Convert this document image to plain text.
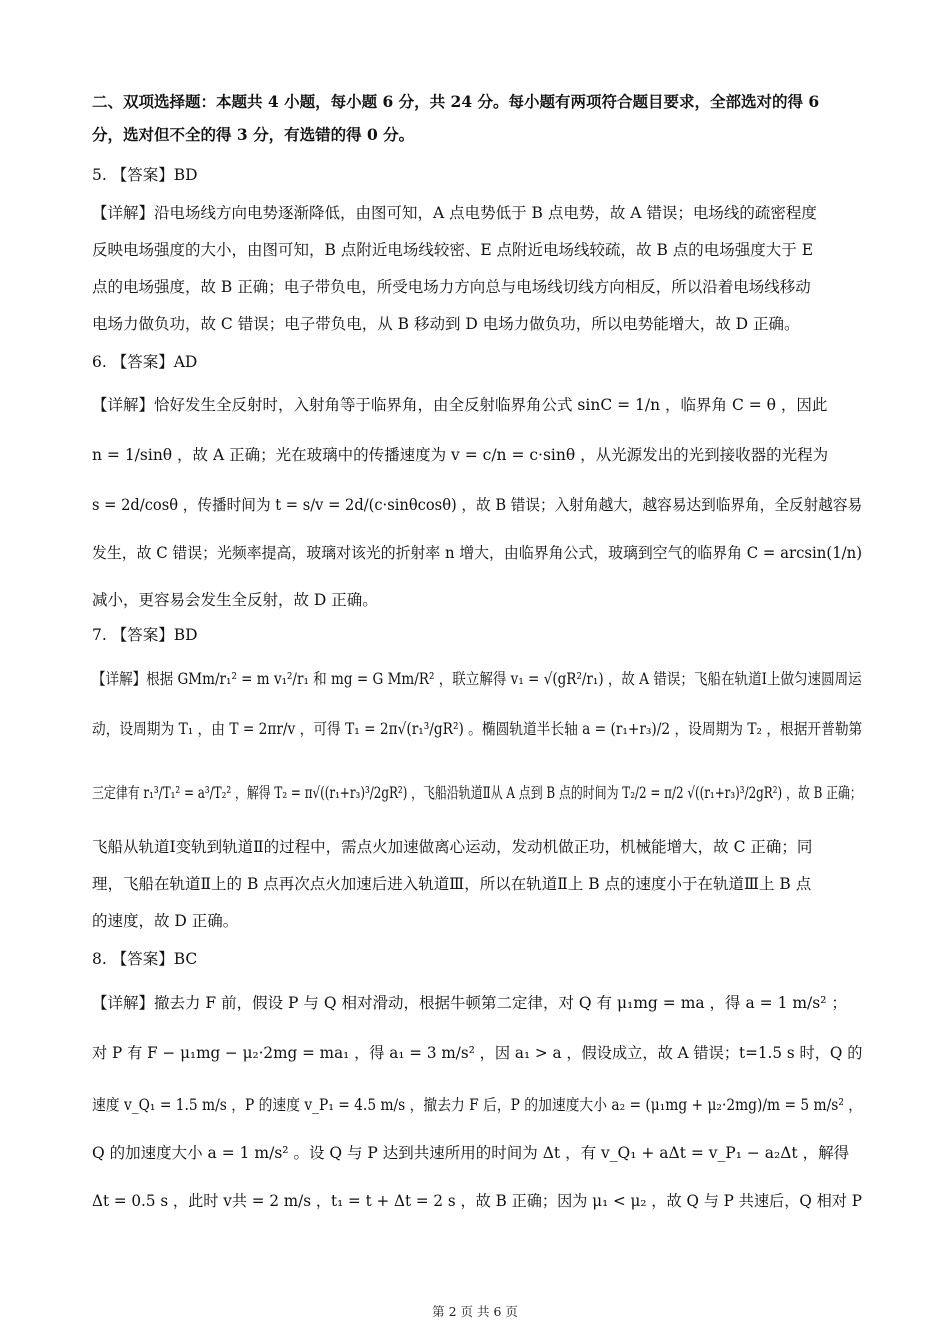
二、双项选择题：本题共 4 小题，每小题 6 分，共 24 分。每小题有两项符合题目要求，全部选对的得 6
分，选对但不全的得 3 分，有选错的得 0 分。
5. 【答案】BD
【详解】沿电场线方向电势逐渐降低，由图可知，A 点电势低于 B 点电势，故 A 错误；电场线的疏密程度
反映电场强度的大小，由图可知，B 点附近电场线较密、E 点附近电场线较疏，故 B 点的电场强度大于 E
点的电场强度，故 B 正确；电子带负电，所受电场力方向总与电场线切线方向相反，所以沿着电场线移动
电场力做负功，故 C 错误；电子带负电，从 B 移动到 D 电场力做负功，所以电势能增大，故 D 正确。
6. 【答案】AD
【详解】恰好发生全反射时，入射角等于临界角，由全反射临界角公式 sinC = 1/n ，临界角 C = θ ，因此
n = 1/sinθ ，故 A 正确；光在玻璃中的传播速度为 v = c/n = c·sinθ ，从光源发出的光到接收器的光程为
s = 2d/cosθ ，传播时间为 t = s/v = 2d/(c·sinθcosθ) ，故 B 错误；入射角越大，越容易达到临界角，全反射越容易
发生，故 C 错误；光频率提高，玻璃对该光的折射率 n 增大，由临界角公式，玻璃到空气的临界角 C = arcsin(1/n)
减小，更容易会发生全反射，故 D 正确。
7. 【答案】BD
【详解】根据 GMm/r₁² = m v₁²/r₁ 和 mg = G Mm/R² ，联立解得 v₁ = √(gR²/r₁) ，故 A 错误；飞船在轨道Ⅰ上做匀速圆周运
动，设周期为 T₁ ，由 T = 2πr/v ，可得 T₁ = 2π√(r₁³/gR²) 。椭圆轨道半长轴 a = (r₁+r₃)/2 ，设周期为 T₂ ，根据开普勒第
三定律有 r₁³/T₁² = a³/T₂² ，解得 T₂ = π√((r₁+r₃)³/2gR²) ，飞船沿轨道Ⅱ从 A 点到 B 点的时间为 T₂/2 = π/2 √((r₁+r₃)³/2gR²) ，故 B 正确；
飞船从轨道Ⅰ变轨到轨道Ⅱ的过程中，需点火加速做离心运动，发动机做正功，机械能增大，故 C 正确；同
理，飞船在轨道Ⅱ上的 B 点再次点火加速后进入轨道Ⅲ，所以在轨道Ⅱ上 B 点的速度小于在轨道Ⅲ上 B 点
的速度，故 D 正确。
8. 【答案】BC
【详解】撤去力 F 前，假设 P 与 Q 相对滑动，根据牛顿第二定律，对 Q 有 μ₁mg = ma ，得 a = 1 m/s² ；
对 P 有 F − μ₁mg − μ₂·2mg = ma₁ ，得 a₁ = 3 m/s² ，因 a₁ > a ，假设成立，故 A 错误；t=1.5 s 时，Q 的
速度 v_Q₁ = 1.5 m/s ，P 的速度 v_P₁ = 4.5 m/s ，撤去力 F 后，P 的加速度大小 a₂ = (μ₁mg + μ₂·2mg)/m = 5 m/s² ，
Q 的加速度大小 a = 1 m/s² 。设 Q 与 P 达到共速所用的时间为 Δt ，有 v_Q₁ + aΔt = v_P₁ − a₂Δt ，解得
Δt = 0.5 s ，此时 v共 = 2 m/s ，t₁ = t + Δt = 2 s ，故 B 正确；因为 μ₁ < μ₂ ，故 Q 与 P 共速后，Q 相对 P
第 2 页 共 6 页
